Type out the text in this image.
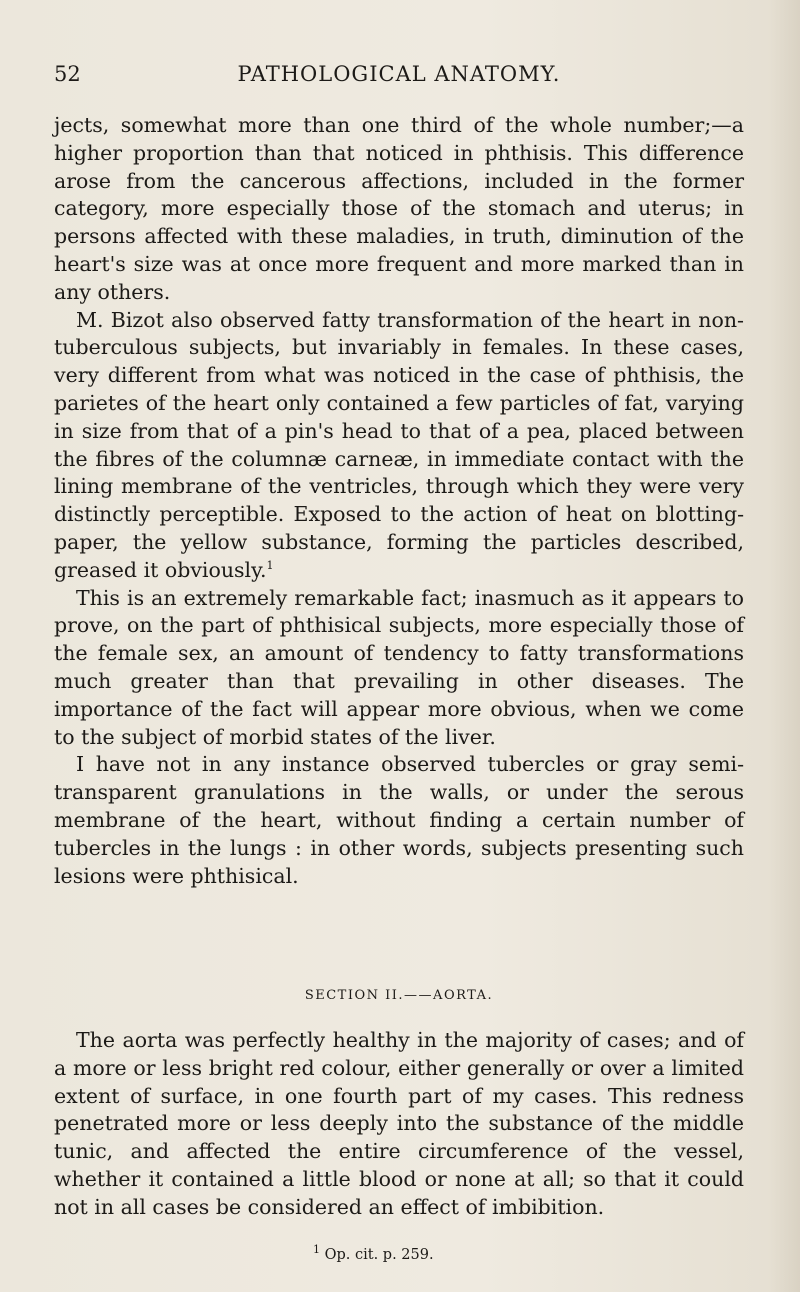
52	PATHOLOGICAL ANATOMY.

jects, somewhat more than one third of the whole number;—a higher proportion than that noticed in phthisis. This difference arose from the cancerous affections, included in the former category, more especially those of the stomach and uterus; in persons affected with these maladies, in truth, diminution of the heart's size was at once more frequent and more marked than in any others.

M. Bizot also observed fatty transformation of the heart in non-tuberculous subjects, but invariably in females. In these cases, very different from what was noticed in the case of phthisis, the parietes of the heart only contained a few particles of fat, varying in size from that of a pin's head to that of a pea, placed between the fibres of the columnæ carneæ, in immediate contact with the lining membrane of the ventricles, through which they were very distinctly perceptible. Exposed to the action of heat on blotting-paper, the yellow substance, forming the particles described, greased it obviously.$^1$

This is an extremely remarkable fact; inasmuch as it appears to prove, on the part of phthisical subjects, more especially those of the female sex, an amount of tendency to fatty transformations much greater than that prevailing in other diseases. The importance of the fact will appear more obvious, when we come to the subject of morbid states of the liver.

I have not in any instance observed tubercles or gray semi-transparent granulations in the walls, or under the serous membrane of the heart, without finding a certain number of tubercles in the lungs : in other words, subjects presenting such lesions were phthisical.

SECTION II.——AORTA.

The aorta was perfectly healthy in the majority of cases; and of a more or less bright red colour, either generally or over a limited extent of surface, in one fourth part of my cases. This redness penetrated more or less deeply into the substance of the middle tunic, and affected the entire circumference of the vessel, whether it contained a little blood or none at all; so that it could not in all cases be considered an effect of imbibition.

$^1$ Op. cit. p. 259.
